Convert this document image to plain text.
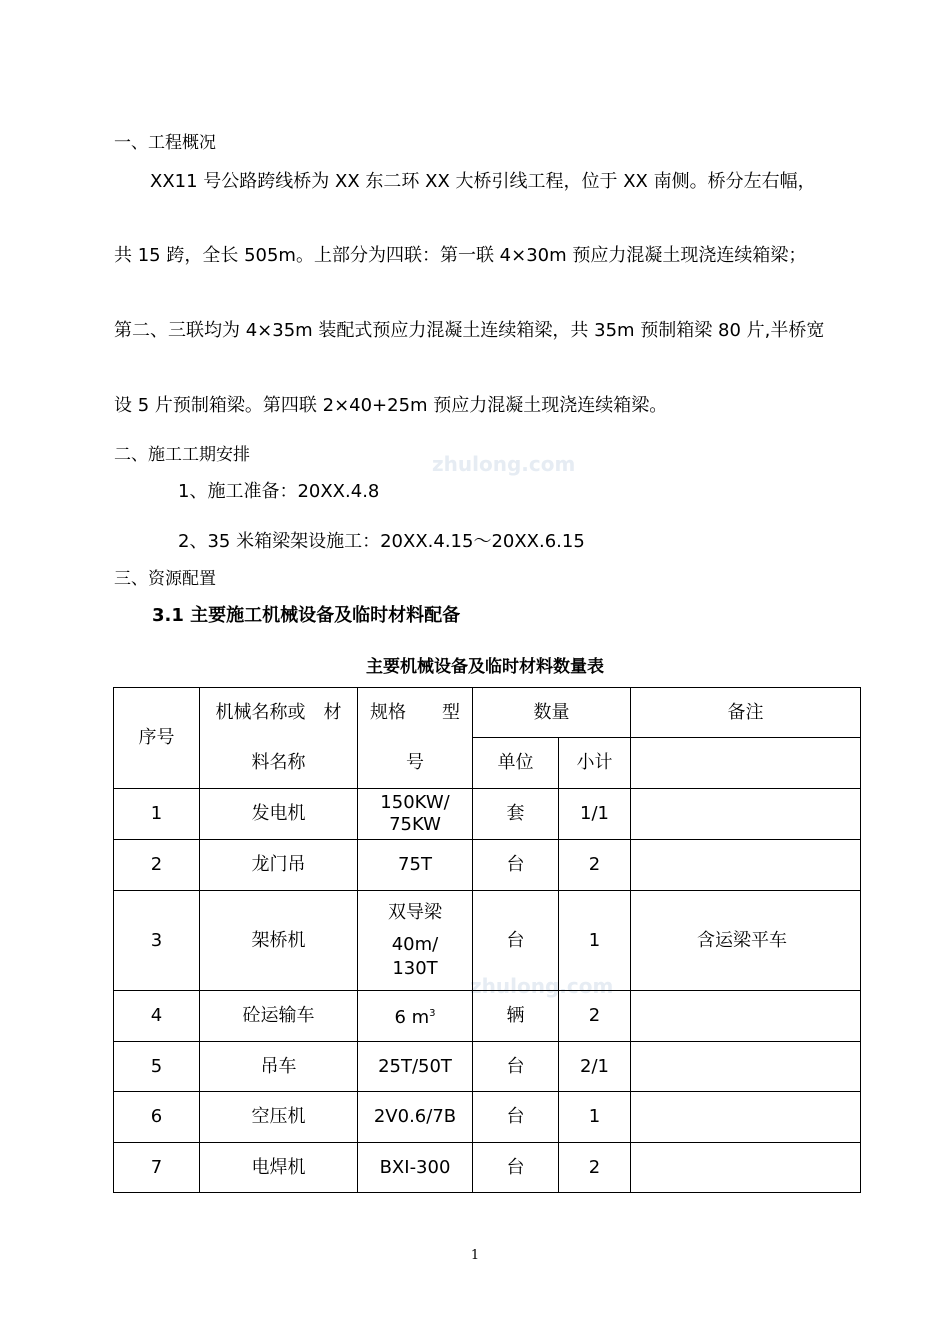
zhulong.com
zhulong.com
一、工程概况
XX11 号公路跨线桥为 XX 东二环 XX 大桥引线工程，位于 XX 南侧。桥分左右幅，
共 15 跨，全长 505m。上部分为四联：第一联 4×30m 预应力混凝土现浇连续箱梁；
第二、三联均为 4×35m 装配式预应力混凝土连续箱梁，共 35m 预制箱梁 80 片,半桥宽
设 5 片预制箱梁。第四联 2×40+25m 预应力混凝土现浇连续箱梁。
二、施工工期安排
1、施工准备：20XX.4.8
2、35 米箱梁架设施工：20XX.4.15～20XX.6.15
三、资源配置
3.1 主要施工机械设备及临时材料配备
主要机械设备及临时材料数量表
序号	机械名称或　材	规格　　型	数量		备注
	料名称	号	单位	小计	
1	发电机	150KW/ 75KW	套	1/1	
2	龙门吊	75T	台	2	
3	架桥机	双导梁
40m/ 130T	台	1	含运梁平车
4	砼运输车	6 $m^3$	辆	2	
5	吊车	25T/50T	台	2/1	
6	空压机	2V0.6/7B	台	1	
7	电焊机	BXI-300	台	2	
1
